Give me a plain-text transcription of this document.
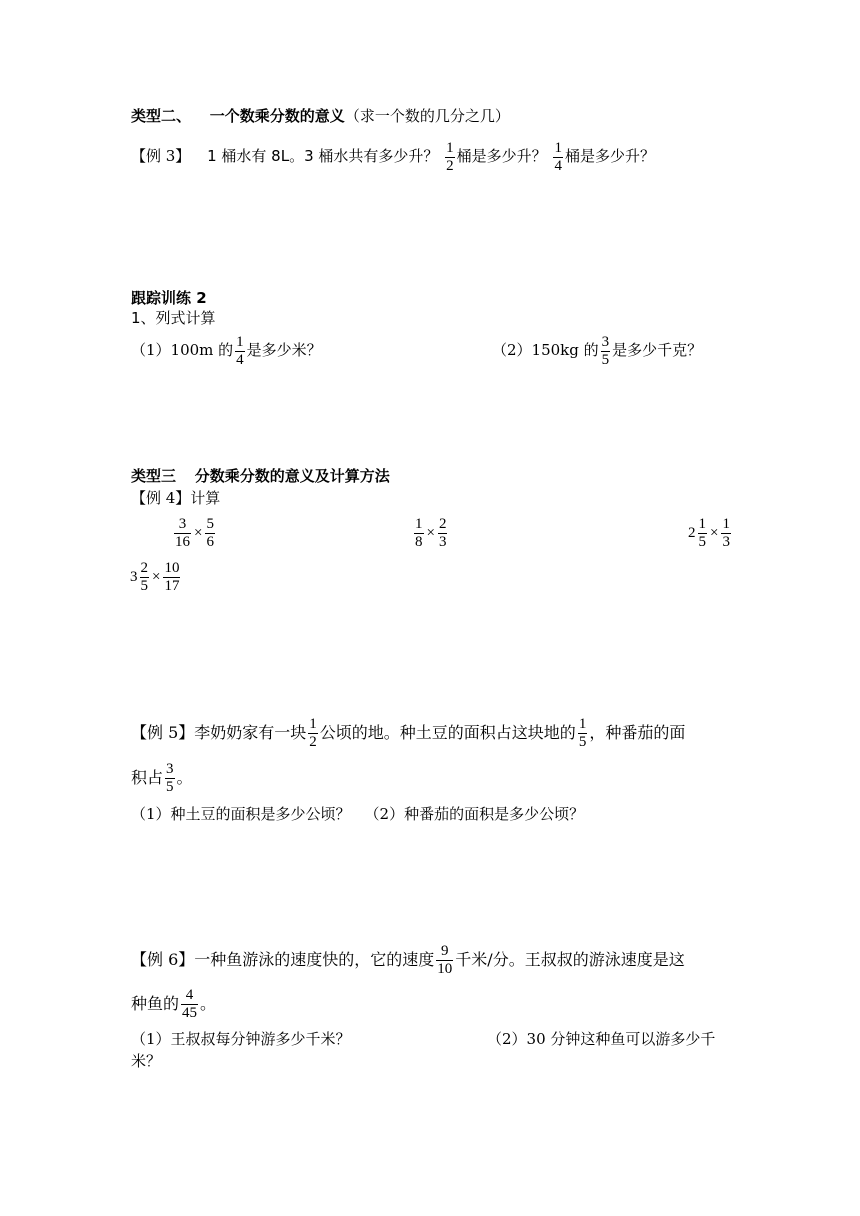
类型二、 一个数乘分数的意义（求一个数的几分之几）
【例 3】 1 桶水有 8L。3 桶水共有多少升？ $\frac{1}{2}$ 桶是多少升？ $\frac{1}{4}$ 桶是多少升？
跟踪训练 2
1、列式计算
（1）100m 的 $\frac{1}{4}$ 是多少米？	（2）150kg 的 $\frac{3}{5}$ 是多少千克？
类型三 分数乘分数的意义及计算方法
【例 4】计算
$\frac{3}{16} \times \frac{5}{6}$	$\frac{1}{8} \times \frac{2}{3}$	$2 \frac{1}{5} \times \frac{1}{3}$
$3 \frac{2}{5} \times \frac{10}{17}$
【例 5】李奶奶家有一块 $\frac{1}{2}$ 公顷的地。种土豆的面积占这块地的 $\frac{1}{5}$ ，种番茄的面
积占 $\frac{3}{5}$ 。
（1）种土豆的面积是多少公顷？ （2）种番茄的面积是多少公顷？
【例 6】一种鱼游泳的速度快的，它的速度 $\frac{9}{10}$ 千米/分。王叔叔的游泳速度是这
种鱼的 $\frac{4}{45}$ 。
（1）王叔叔每分钟游多少千米？	（2）30 分钟这种鱼可以游多少千
米？
